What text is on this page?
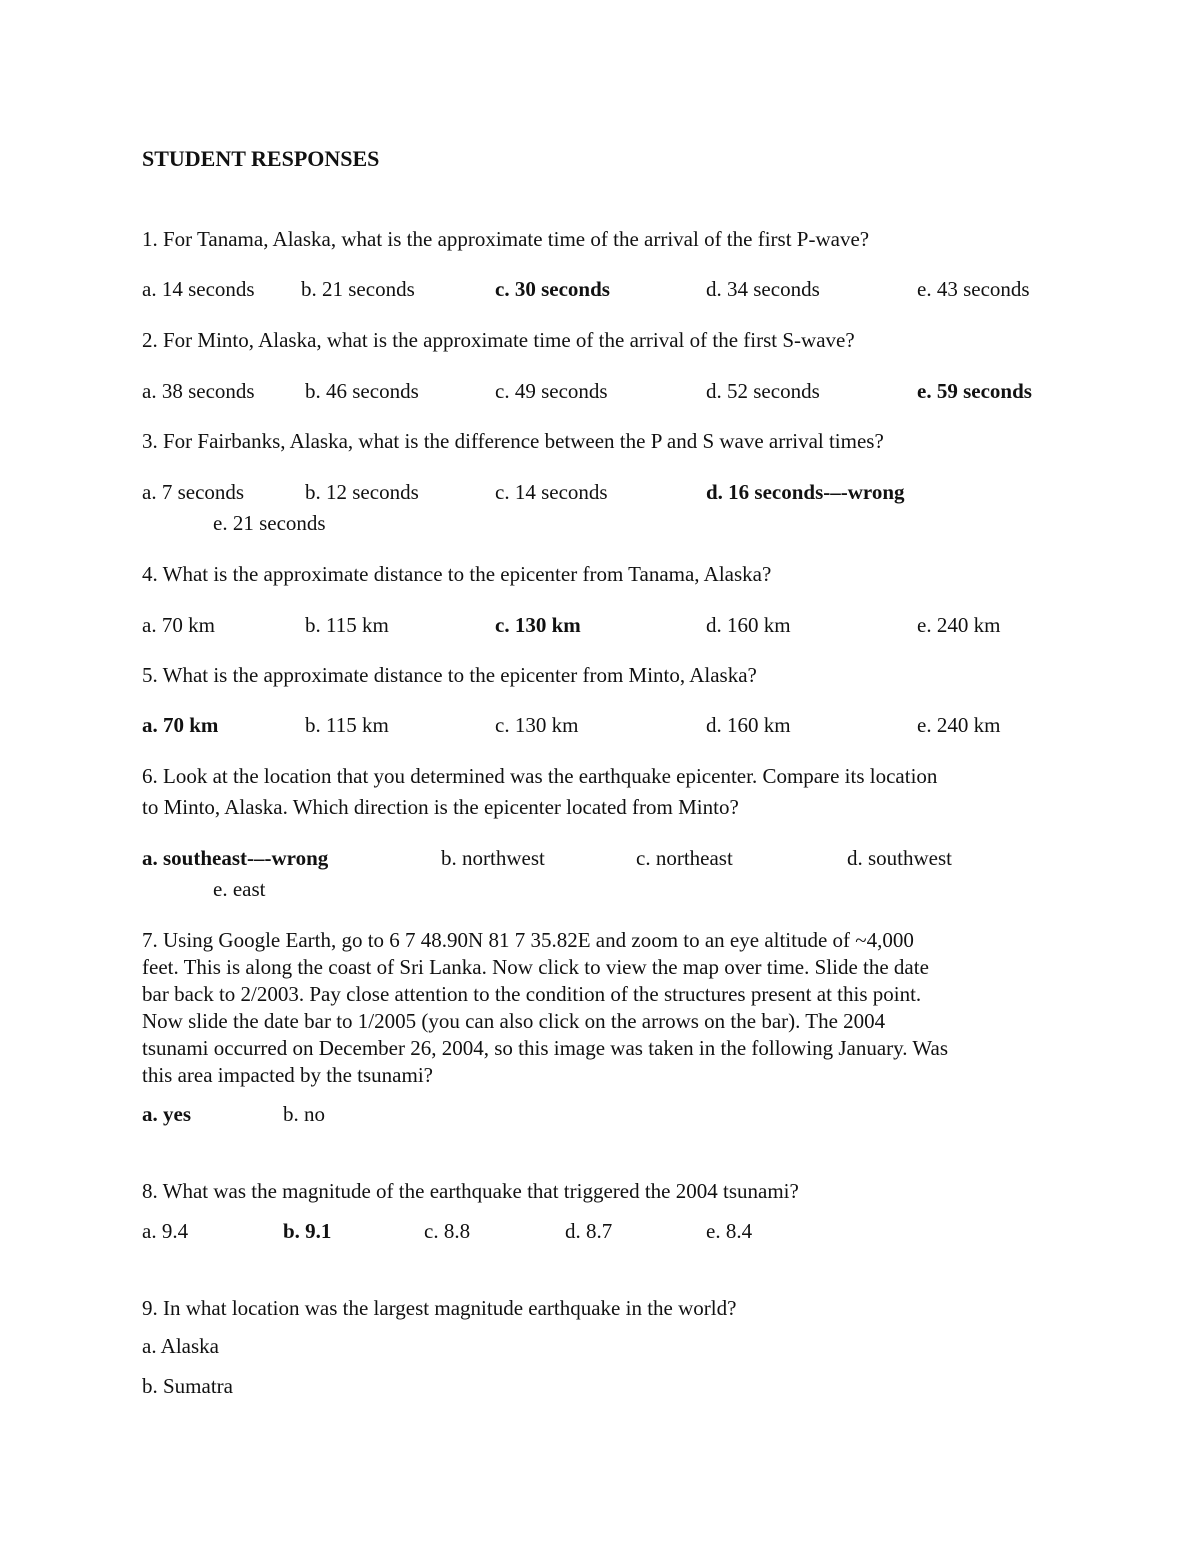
STUDENT RESPONSES
1. For Tanama, Alaska, what is the approximate time of the arrival of the first P-wave?
a. 14 seconds b. 21 seconds	c. 30 seconds	d. 34 seconds	e. 43 seconds
2. For Minto, Alaska, what is the approximate time of the arrival of the first S-wave?
a. 38 seconds b. 46 seconds	c. 49 seconds	d. 52 seconds	e. 59 seconds
3. For Fairbanks, Alaska, what is the difference between the P and S wave arrival times?
a. 7 seconds	b. 12 seconds	c. 14 seconds	d. 16 seconds-–-wrong
e. 21 seconds
4. What is the approximate distance to the epicenter from Tanama, Alaska?
a. 70 km	b. 115 km	c. 130 km	d. 160 km	e. 240 km
5. What is the approximate distance to the epicenter from Minto, Alaska?
a. 70 km	b. 115 km	c. 130 km	d. 160 km	e. 240 km
6. Look at the location that you determined was the earthquake epicenter. Compare its location
to Minto, Alaska. Which direction is the epicenter located from Minto?
a. southeast-–-wrong	b. northwest	c. northeast	d. southwest
e. east
7. Using Google Earth, go to 6 7 48.90N 81 7 35.82E and zoom to an eye altitude of ~4,000
feet. This is along the coast of Sri Lanka. Now click to view the map over time. Slide the date
bar back to 2/2003. Pay close attention to the condition of the structures present at this point.
Now slide the date bar to 1/2005 (you can also click on the arrows on the bar). The 2004
tsunami occurred on December 26, 2004, so this image was taken in the following January. Was
this area impacted by the tsunami?
a. yes	b. no
8. What was the magnitude of the earthquake that triggered the 2004 tsunami?
a. 9.4	b. 9.1	c. 8.8	d. 8.7	e. 8.4
9. In what location was the largest magnitude earthquake in the world?
a. Alaska
b. Sumatra
